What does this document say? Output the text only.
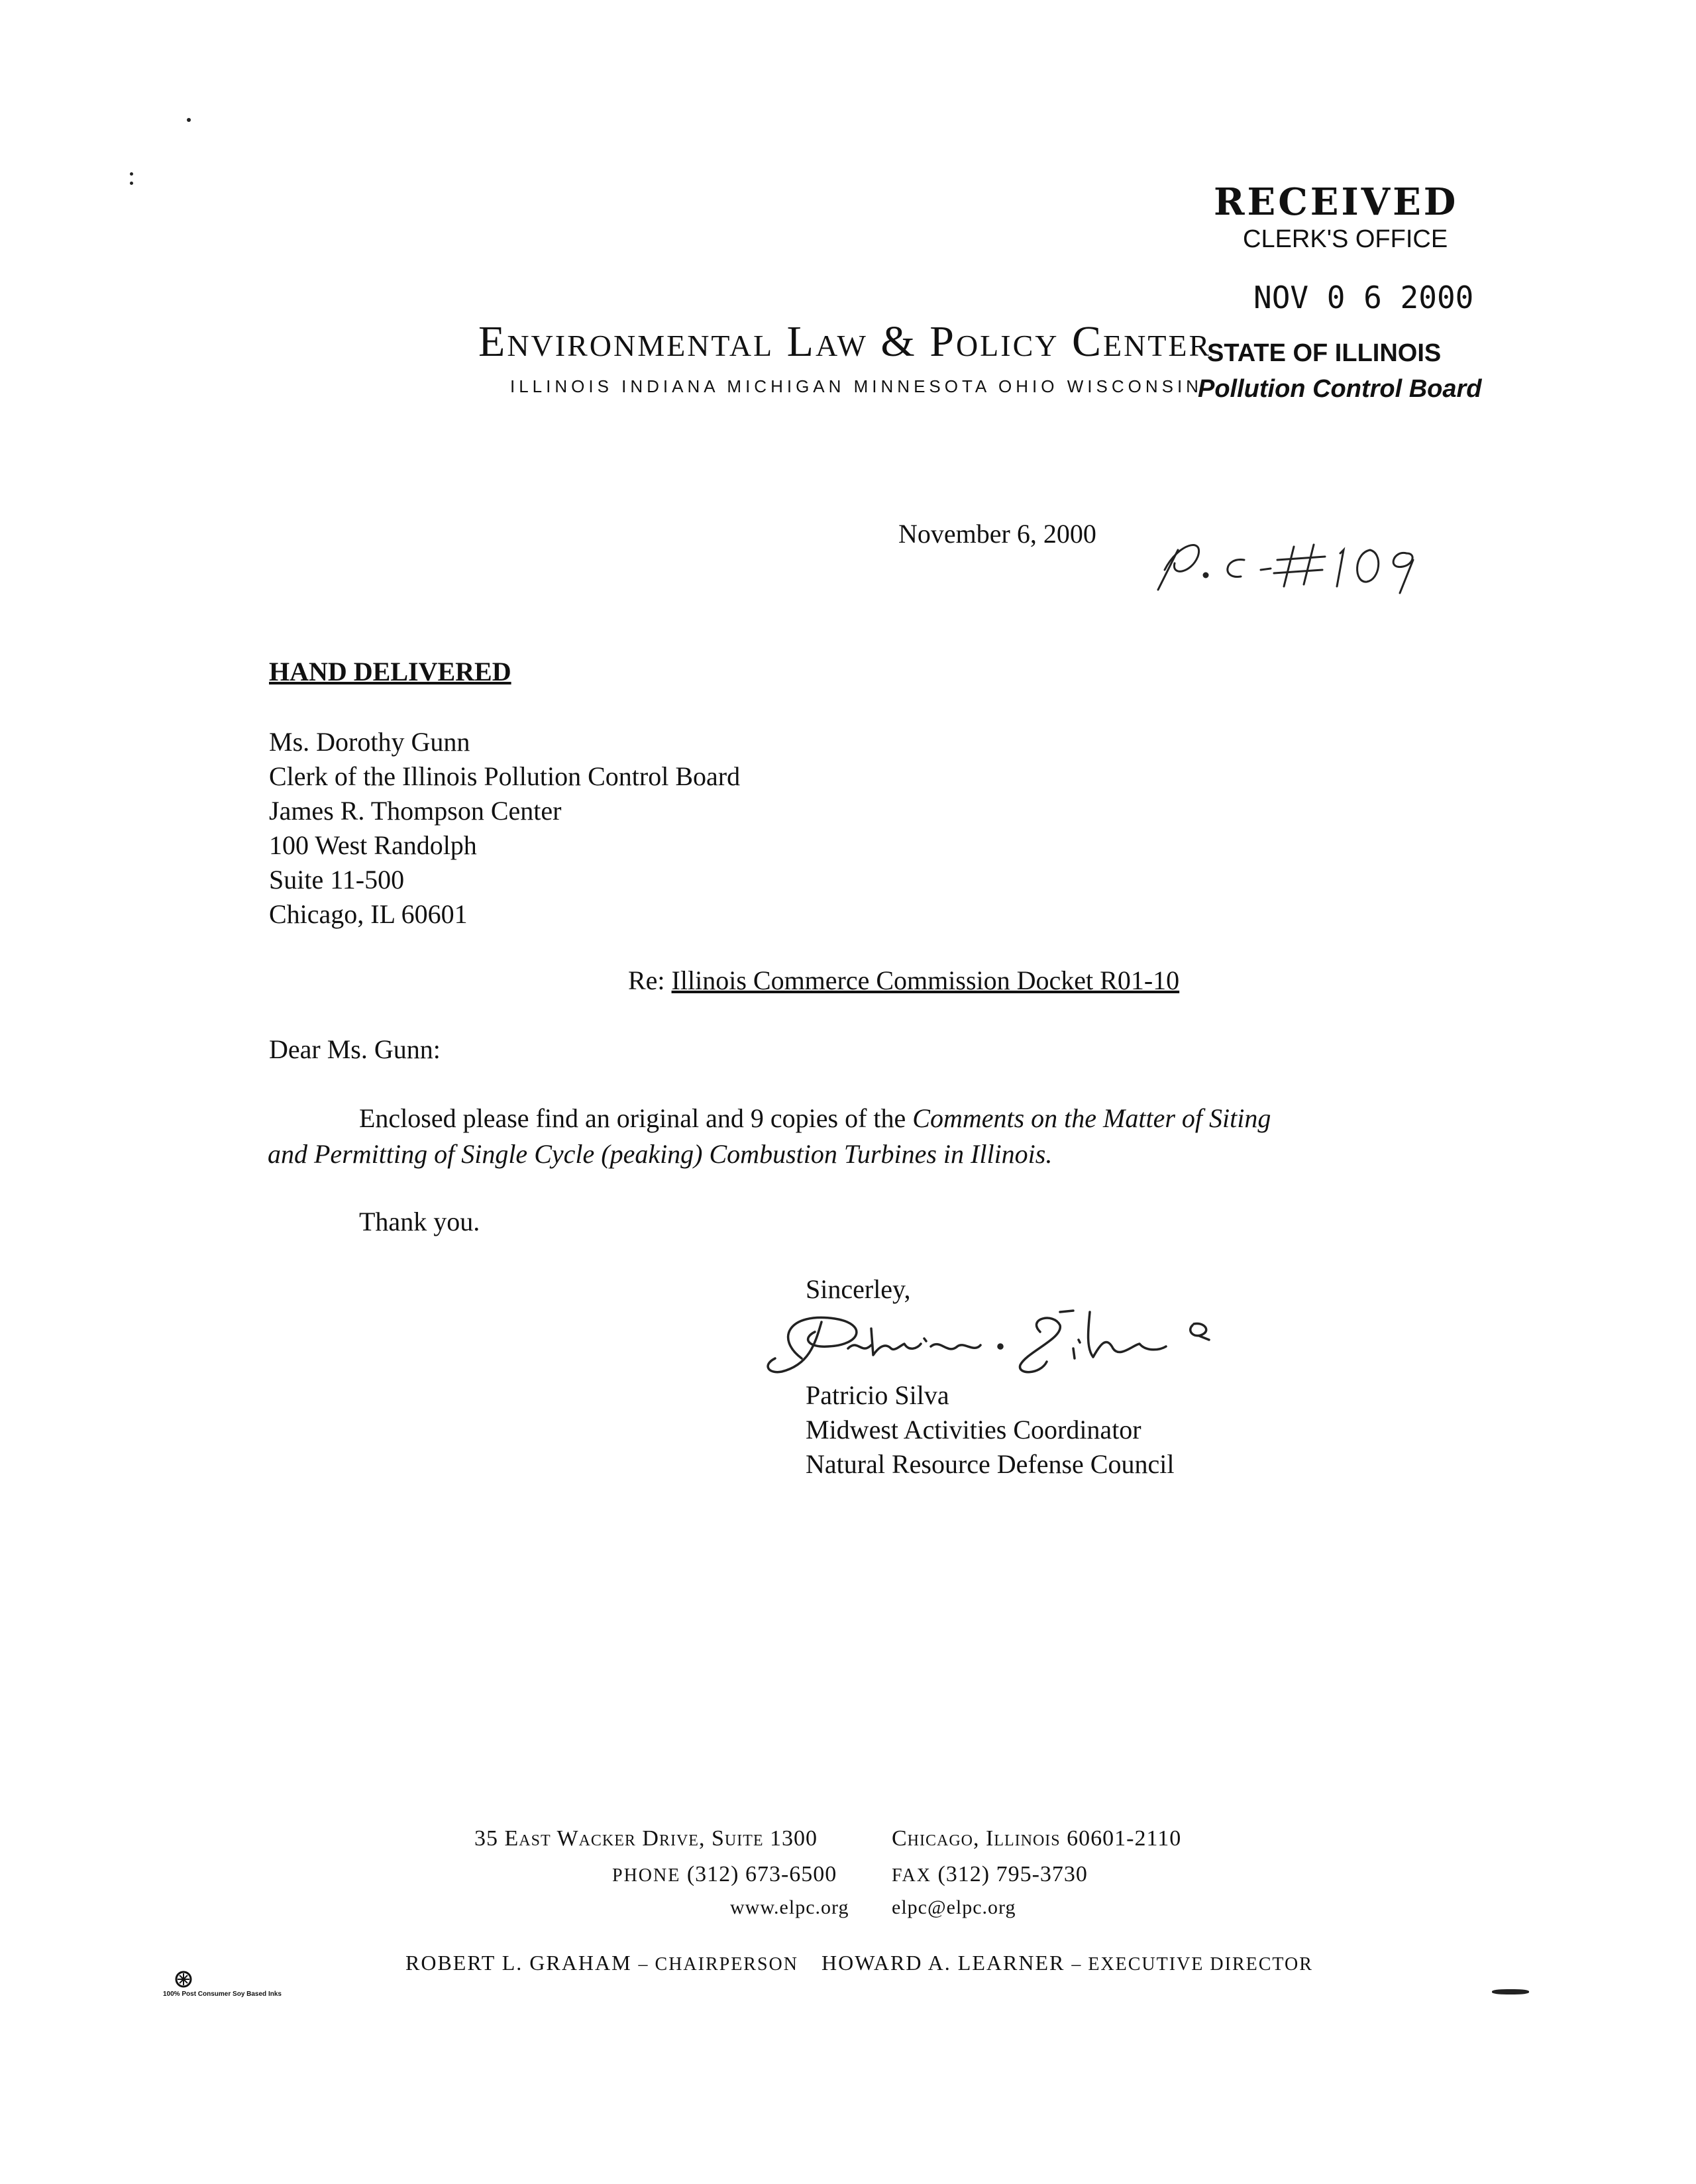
RECEIVED
CLERK'S OFFICE
NOV 0 6 2000
STATE OF ILLINOIS
Pollution Control Board
Environmental Law & Policy Center
ILLINOIS INDIANA MICHIGAN MINNESOTA OHIO WISCONSIN
November 6, 2000
HAND DELIVERED
Ms. Dorothy Gunn
Clerk of the Illinois Pollution Control Board
James R. Thompson Center
100 West Randolph
Suite 11-500
Chicago, IL 60601
Re: Illinois Commerce Commission Docket R01-10
Dear Ms. Gunn:
Enclosed please find an original and 9 copies of the Comments on the Matter of Siting
and Permitting of Single Cycle (peaking) Combustion Turbines in Illinois.
Thank you.
Sincerley,
Patricio Silva
Midwest Activities Coordinator
Natural Resource Defense Council
35 East Wacker Drive, Suite 1300	Chicago, Illinois 60601-2110
PHONE (312) 673-6500	FAX (312) 795-3730
www.elpc.org elpc@elpc.org
ROBERT L. GRAHAM – CHAIRPERSON HOWARD A. LEARNER – EXECUTIVE DIRECTOR
100% Post Consumer Soy Based Inks
